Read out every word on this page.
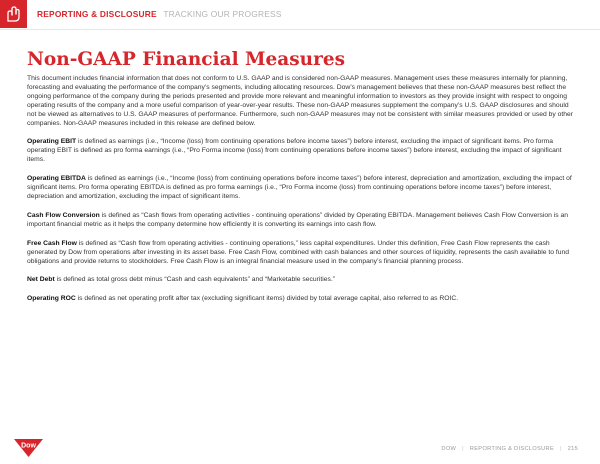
REPORTING & DISCLOSURE TRACKING OUR PROGRESS
Non-GAAP Financial Measures

This document includes financial information that does not conform to U.S. GAAP and is considered non-GAAP measures. Management uses these measures internally for planning, forecasting and evaluating the performance of the company’s segments, including allocating resources. Dow’s management believes that these non-GAAP measures best reflect the ongoing performance of the company during the periods presented and provide more relevant and meaningful information to investors as they provide insight with respect to ongoing operating results of the company and a more useful comparison of year-over-year results. These non-GAAP measures supplement the company’s U.S. GAAP disclosures and should not be viewed as alternatives to U.S. GAAP measures of performance. Furthermore, such non-GAAP measures may not be consistent with similar measures provided or used by other companies. Non-GAAP measures included in this release are defined below.

Operating EBIT is defined as earnings (i.e., “Income (loss) from continuing operations before income taxes”) before interest, excluding the impact of significant items. Pro forma operating EBIT is defined as pro forma earnings (i.e., “Pro Forma income (loss) from continuing operations before income taxes”) before interest, excluding the impact of significant items.

Operating EBITDA is defined as earnings (i.e., “Income (loss) from continuing operations before income taxes”) before interest, depreciation and amortization, excluding the impact of significant items. Pro forma operating EBITDA is defined as pro forma earnings (i.e., “Pro Forma income (loss) from continuing operations before income taxes”) before interest, depreciation and amortization, excluding the impact of significant items.

Cash Flow Conversion is defined as “Cash flows from operating activities - continuing operations” divided by Operating EBITDA. Management believes Cash Flow Conversion is an important financial metric as it helps the company determine how efficiently it is converting its earnings into cash flow.

Free Cash Flow is defined as “Cash flow from operating activities - continuing operations,” less capital expenditures. Under this definition, Free Cash Flow represents the cash generated by Dow from operations after investing in its asset base. Free Cash Flow, combined with cash balances and other sources of liquidity, represents the cash available to fund obligations and provide returns to stockholders. Free Cash Flow is an integral financial measure used in the company’s financial planning process.

Net Debt is defined as total gross debt minus “Cash and cash equivalents” and “Marketable securities.”

Operating ROC is defined as net operating profit after tax (excluding significant items) divided by total average capital, also referred to as ROIC.

Dow	DOW | REPORTING & DISCLOSURE | 215
